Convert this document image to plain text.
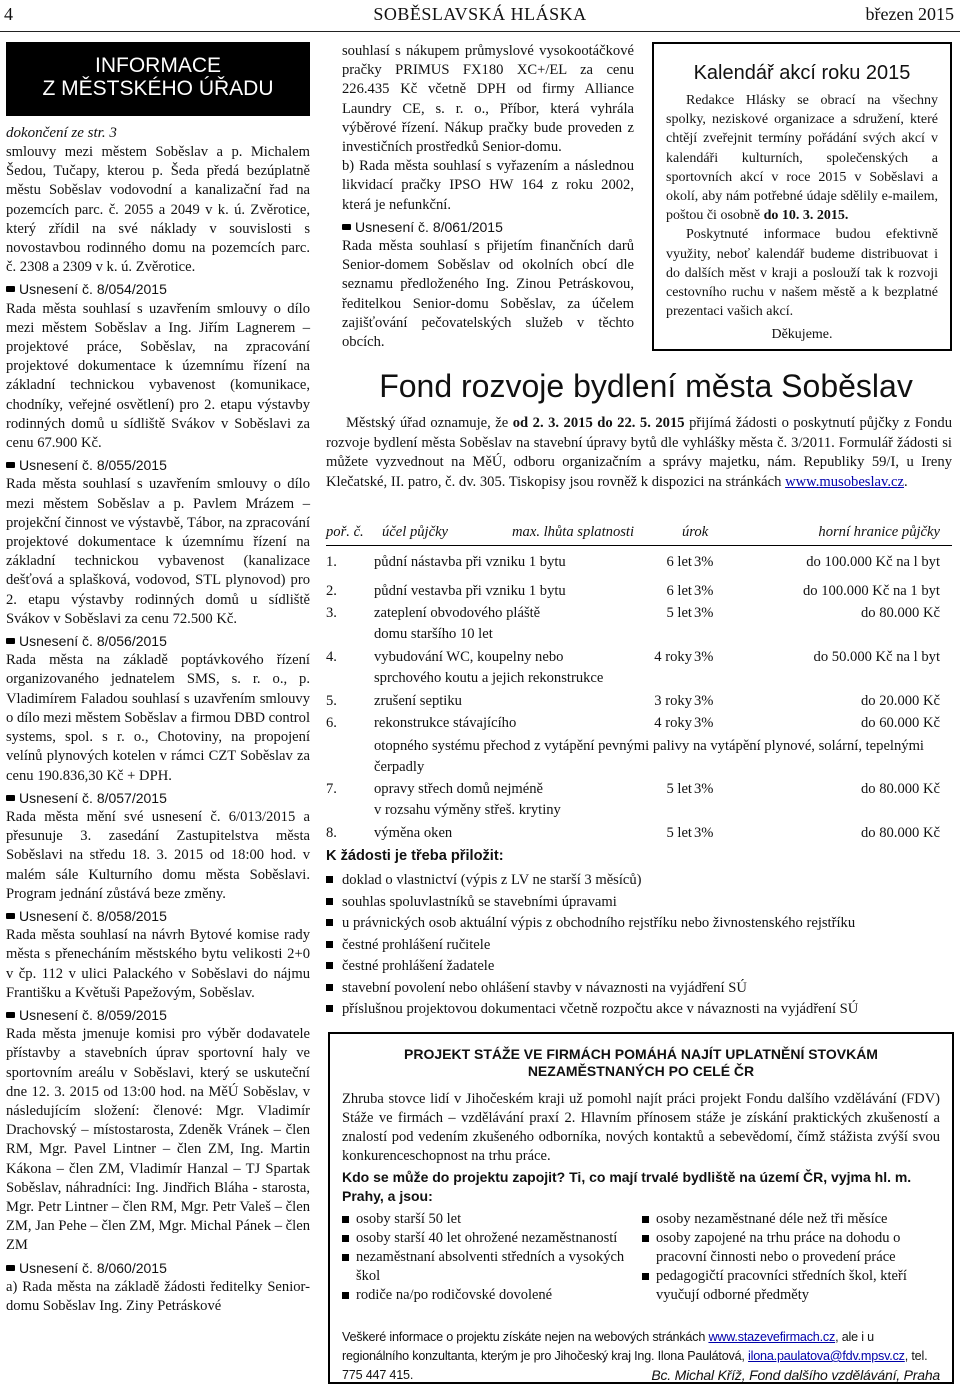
4	SOBĚSLAVSKÁ HLÁSKA	březen 2015
INFORMACE
Z MĚSTSKÉHO ÚŘADU
dokončení ze str. 3
smlouvy mezi městem Soběslav a p. Michalem Šedou, Tučapy, kterou p. Šeda předá bezúplatně městu Soběslav vodovodní a kanalizační řad na pozemcích parc. č. 2055 a 2049 v k. ú. Zvěrotice, který zřídil na své náklady v souvislosti s novostavbou rodinného domu na pozemcích parc. č. 2308 a 2309 v k. ú. Zvěrotice.
Usnesení č. 8/054/2015
Rada města souhlasí s uzavřením smlouvy o dílo mezi městem Soběslav a Ing. Jiřím Lagnerem – projektové práce, Soběslav, na zpracování projektové dokumentace k územnímu řízení na základní technickou vybavenost (komunikace, chodníky, veřejné osvětlení) pro 2. etapu výstavby rodinných domů u sídliště Svákov v Soběslavi za cenu 67.900 Kč.
Usnesení č. 8/055/2015
Rada města souhlasí s uzavřením smlouvy o dílo mezi městem Soběslav a p. Pavlem Mrázem – projekční činnost ve výstavbě, Tábor, na zpracování projektové dokumentace k územnímu řízení na základní technickou vybavenost (kanalizace dešťová a splašková, vodovod, STL plynovod) pro 2. etapu výstavby rodinných domů u sídliště Svákov v Soběslavi za cenu 72.500 Kč.
Usnesení č. 8/056/2015
Rada města na základě poptávkového řízení organizovaného jednatelem SMS, s. r. o., p. Vladimírem Faladou souhlasí s uzavřením smlouvy o dílo mezi městem Soběslav a firmou DBD control systems, spol. s r. o., Chotoviny, na propojení velínů plynových kotelen v rámci CZT Soběslav za cenu 190.836,30 Kč + DPH.
Usnesení č. 8/057/2015
Rada města mění své usnesení č. 6/013/2015 a přesunuje 3. zasedání Zastupitelstva města Soběslavi na středu 18. 3. 2015 od 18:00 hod. v malém sále Kulturního domu města Soběslavi. Program jednání zůstává beze změny.
Usnesení č. 8/058/2015
Rada města souhlasí na návrh Bytové komise rady města s přenecháním městského bytu velikosti 2+0 v čp. 112 v ulici Palackého v Soběslavi do nájmu Františku a Květuši Papežovým, Soběslav.
Usnesení č. 8/059/2015
Rada města jmenuje komisi pro výběr dodavatele přístavby a stavebních úprav sportovní haly ve sportovním areálu v Soběslavi, který se uskuteční dne 12. 3. 2015 od 13:00 hod. na MěÚ Soběslav, v následujícím složení: členové: Mgr. Vladimír Drachovský – místostarosta, Zdeněk Vránek – člen RM, Mgr. Pavel Lintner – člen ZM, Ing. Martin Kákona – člen ZM, Vladimír Hanzal – TJ Spartak Soběslav, náhradníci: Ing. Jindřich Bláha - starosta, Mgr. Petr Lintner – člen RM, Mgr. Petr Valeš – člen ZM, Jan Pehe – člen ZM, Mgr. Michal Pánek – člen ZM
Usnesení č. 8/060/2015
a) Rada města na základě žádosti ředitelky Senior-domu Soběslav Ing. Ziny Petráskové
souhlasí s nákupem průmyslové vysokootáčkové pračky PRIMUS FX180 XC+/EL za cenu 226.435 Kč včetně DPH od firmy Alliance Laundry CE, s. r. o., Příbor, která vyhrála výběrové řízení. Nákup pračky bude proveden z investičních prostředků Senior-domu.
b) Rada města souhlasí s vyřazením a následnou likvidací pračky IPSO HW 164 z roku 2002, která je nefunkční.
Usnesení č. 8/061/2015
Rada města souhlasí s přijetím finančních darů Senior-domem Soběslav od okolních obcí dle seznamu předloženého Ing. Zinou Petráskovou, ředitelkou Senior-domu Soběslav, za účelem zajišťování pečovatelských služeb v těchto obcích.
Kalendář akcí roku 2015

Redakce Hlásky se obrací na všechny spolky, neziskové organizace a sdružení, které chtějí zveřejnit termíny pořádání svých akcí v kalendáři kulturních, společenských a sportovních akcí v roce 2015 v Soběslavi a okolí, aby nám potřebné údaje sdělily e-mailem, poštou či osobně do 10. 3. 2015.

Poskytnuté informace budou efektivně využity, neboť kalendář budeme distribuovat i do dalších měst v kraji a poslouží tak k rozvoji cestovního ruchu v našem městě a k bezplatné prezentaci vašich akcí.

Děkujeme.

Fond rozvoje bydlení města Soběslav
Městský úřad oznamuje, že od 2. 3. 2015 do 22. 5. 2015 přijímá žádosti o poskytnutí půjčky z Fondu rozvoje bydlení města Soběslav na stavební úpravy bytů dle vyhlášky města č. 3/2011. Formulář žádosti si můžete vyzvednout na MěÚ, odboru organizačním a správy majetku, nám. Republiky 59/I, u Ireny Klečatské, II. patro, č. dv. 305. Tiskopisy jsou rovněž k dispozici na stránkách www.musobeslav.cz.
poř. č. účel půjčky	max. lhůta splatnosti	úrok	horní hranice půjčky
1.	půdní nástavba při vzniku 1 bytu	6 let 3%	do 100.000 Kč na l byt
2.	půdní vestavba při vzniku 1 bytu	6 let 3%	do 100.000 Kč na 1 byt
3.	zateplení obvodového pláště	5 let 3%	do 80.000 Kč
domu staršího 10 let
4.	vybudování WC, koupelny nebo	4 roky 3%	do 50.000 Kč na l byt
sprchového koutu a jejich rekonstrukce
5.	zrušení septiku	3 roky 3%	do 20.000 Kč
6.	rekonstrukce stávajícího	4 roky 3%	do 60.000 Kč
otopného systému přechod z vytápění pevnými palivy na vytápění plynové, solární, tepelnými čerpadly
7.	opravy střech domů nejméně	5 let 3%	do 80.000 Kč
v rozsahu výměny střeš. krytiny
8.	výměna oken	5 let 3%	do 80.000 Kč
K žádosti je třeba přiložit:
doklad o vlastnictví (výpis z LV ne starší 3 měsíců)
souhlas spoluvlastníků se stavebními úpravami
u právnických osob aktuální výpis z obchodního rejstříku nebo živnostenského rejstříku
čestné prohlášení ručitele
čestné prohlášení žadatele
stavební povolení nebo ohlášení stavby v návaznosti na vyjádření SÚ
příslušnou projektovou dokumentaci včetně rozpočtu akce v návaznosti na vyjádření SÚ
PROJEKT STÁŽE VE FIRMÁCH POMÁHÁ NAJÍT UPLATNĚNÍ STOVKÁM
NEZAMĚSTNANÝCH PO CELÉ ČR
Zhruba stovce lidí v Jihočeském kraji už pomohl najít práci projekt Fondu dalšího vzdělávání (FDV) Stáže ve firmách – vzdělávání praxí 2. Hlavním přínosem stáže je získání praktických zkušeností a znalostí pod vedením zkušeného odborníka, nových kontaktů a sebevědomí, čímž stážista zvýší svou konkurenceschopnost na trhu práce.
Kdo se může do projektu zapojit? Ti, co mají trvalé bydliště na území ČR, vyjma hl. m. Prahy, a jsou:
osoby starší 50 let
osoby starší 40 let ohrožené nezaměstnaností
nezaměstnaní absolventi středních a vysokých škol
rodiče na/po rodičovské dovolené
osoby nezaměstnané déle než tři měsíce
osoby zapojené na trhu práce na dohodu o pracovní činnosti nebo o provedení práce
pedagogičtí pracovníci středních škol, kteří vyučují odborné předměty
Veškeré informace o projektu získáte nejen na webových stránkách www.stazevefirmach.cz, ale i u regionálního konzultanta, kterým je pro Jihočeský kraj Ing. Ilona Paulátová, ilona.paulatova@fdv.mpsv.cz, tel. 775 447 415.	Bc. Michal Kříž, Fond dalšího vzdělávání, Praha
